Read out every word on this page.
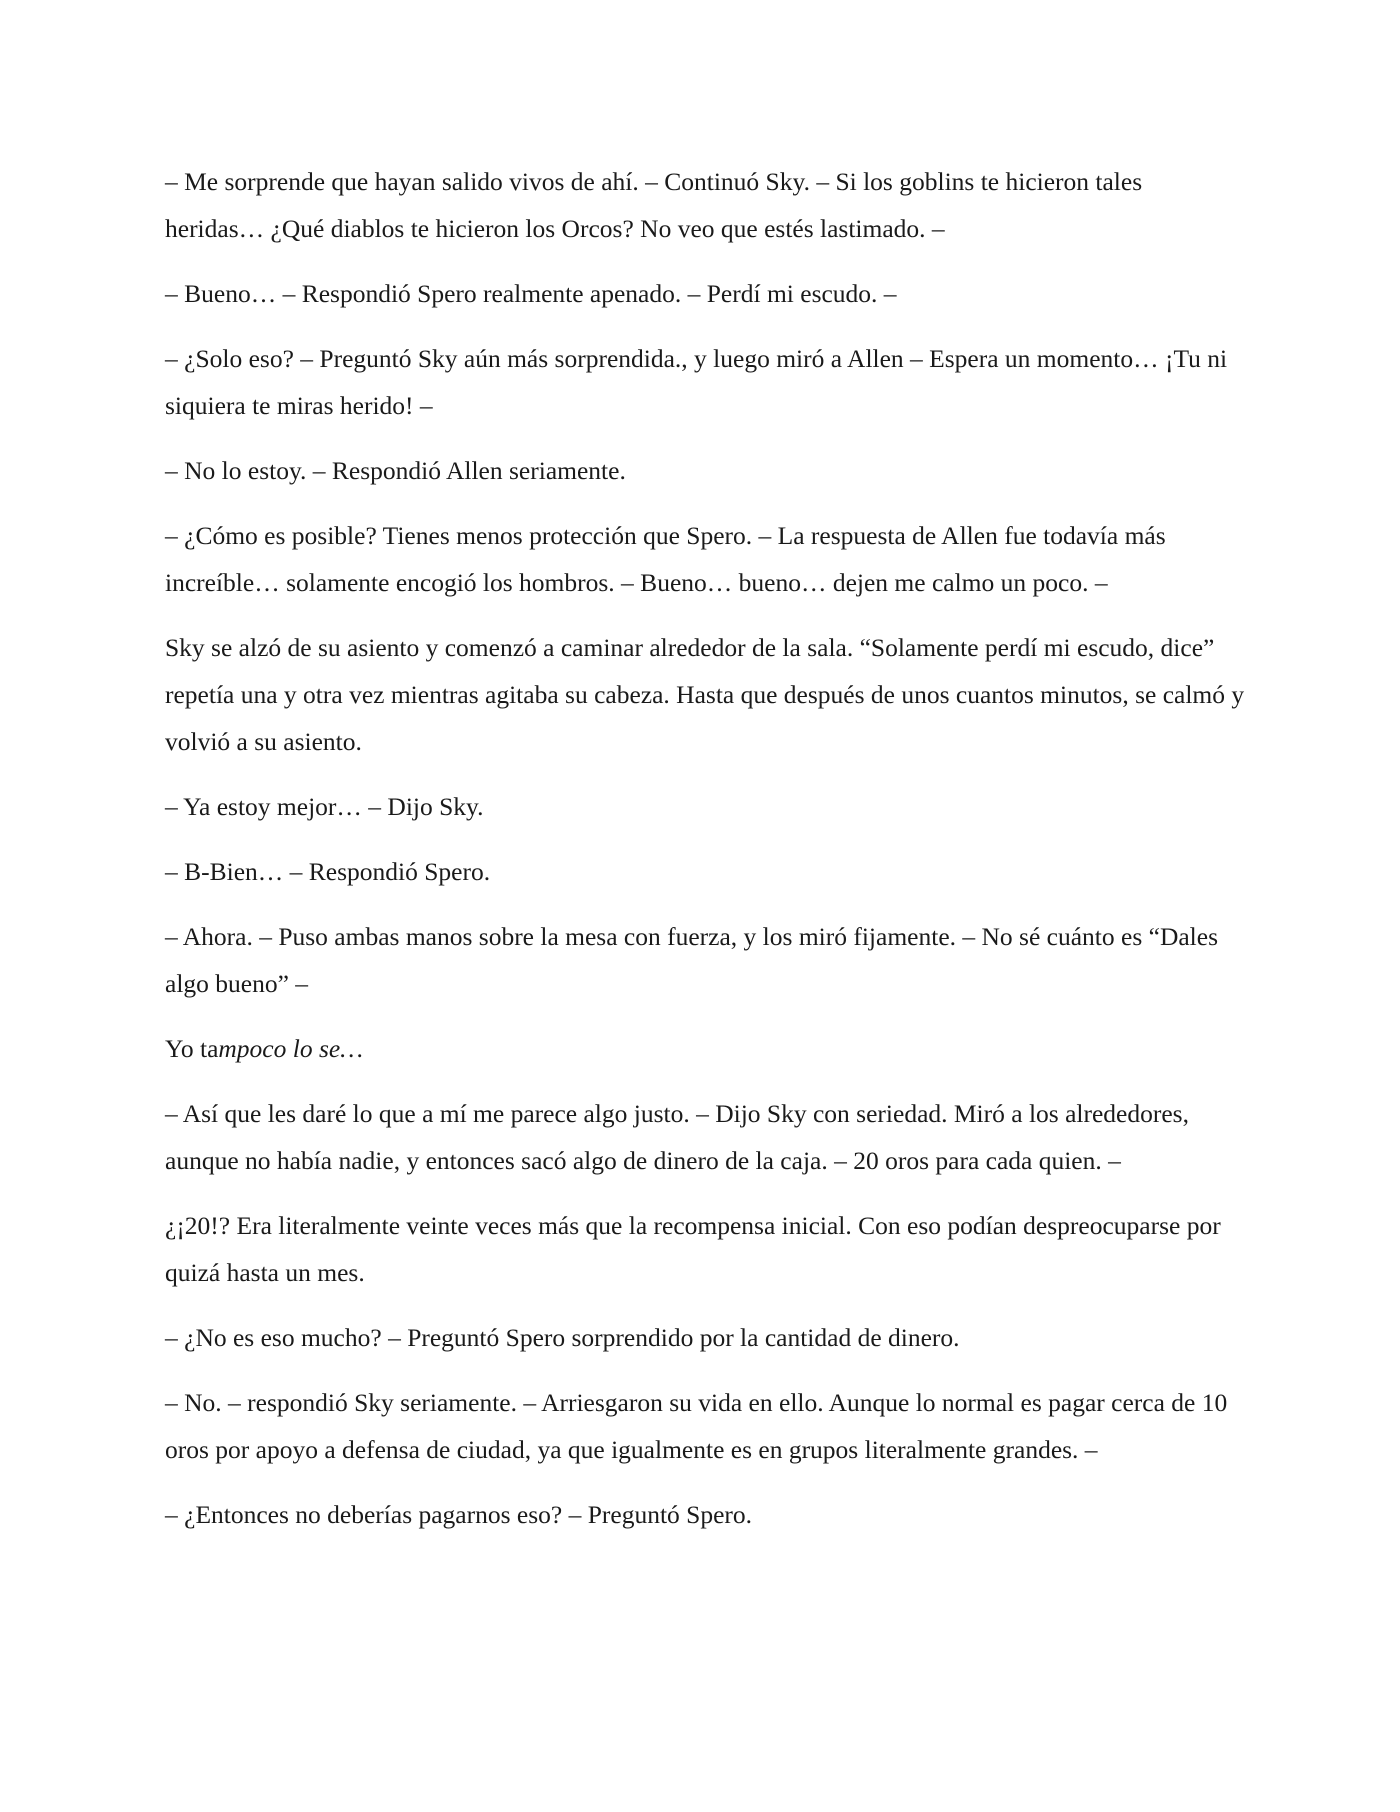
– Me sorprende que hayan salido vivos de ahí. – Continuó Sky. – Si los goblins te hicieron tales heridas… ¿Qué diablos te hicieron los Orcos? No veo que estés lastimado. –

– Bueno… – Respondió Spero realmente apenado. – Perdí mi escudo. –

– ¿Solo eso? – Preguntó Sky aún más sorprendida., y luego miró a Allen – Espera un momento… ¡Tu ni siquiera te miras herido! –

– No lo estoy. – Respondió Allen seriamente.

– ¿Cómo es posible? Tienes menos protección que Spero. – La respuesta de Allen fue todavía más increíble… solamente encogió los hombros. – Bueno… bueno… dejen me calmo un poco. –

Sky se alzó de su asiento y comenzó a caminar alrededor de la sala. “Solamente perdí mi escudo, dice” repetía una y otra vez mientras agitaba su cabeza. Hasta que después de unos cuantos minutos, se calmó y volvió a su asiento.

– Ya estoy mejor… – Dijo Sky.

– B-Bien… – Respondió Spero.

– Ahora. – Puso ambas manos sobre la mesa con fuerza, y los miró fijamente. – No sé cuánto es “Dales algo bueno” –

Yo tampoco lo se…

– Así que les daré lo que a mí me parece algo justo. – Dijo Sky con seriedad. Miró a los alrededores, aunque no había nadie, y entonces sacó algo de dinero de la caja. – 20 oros para cada quien. –

¿¡20!? Era literalmente veinte veces más que la recompensa inicial. Con eso podían despreocuparse por quizá hasta un mes.

– ¿No es eso mucho? – Preguntó Spero sorprendido por la cantidad de dinero.

– No. – respondió Sky seriamente. – Arriesgaron su vida en ello. Aunque lo normal es pagar cerca de 10 oros por apoyo a defensa de ciudad, ya que igualmente es en grupos literalmente grandes. –

– ¿Entonces no deberías pagarnos eso? – Preguntó Spero.
